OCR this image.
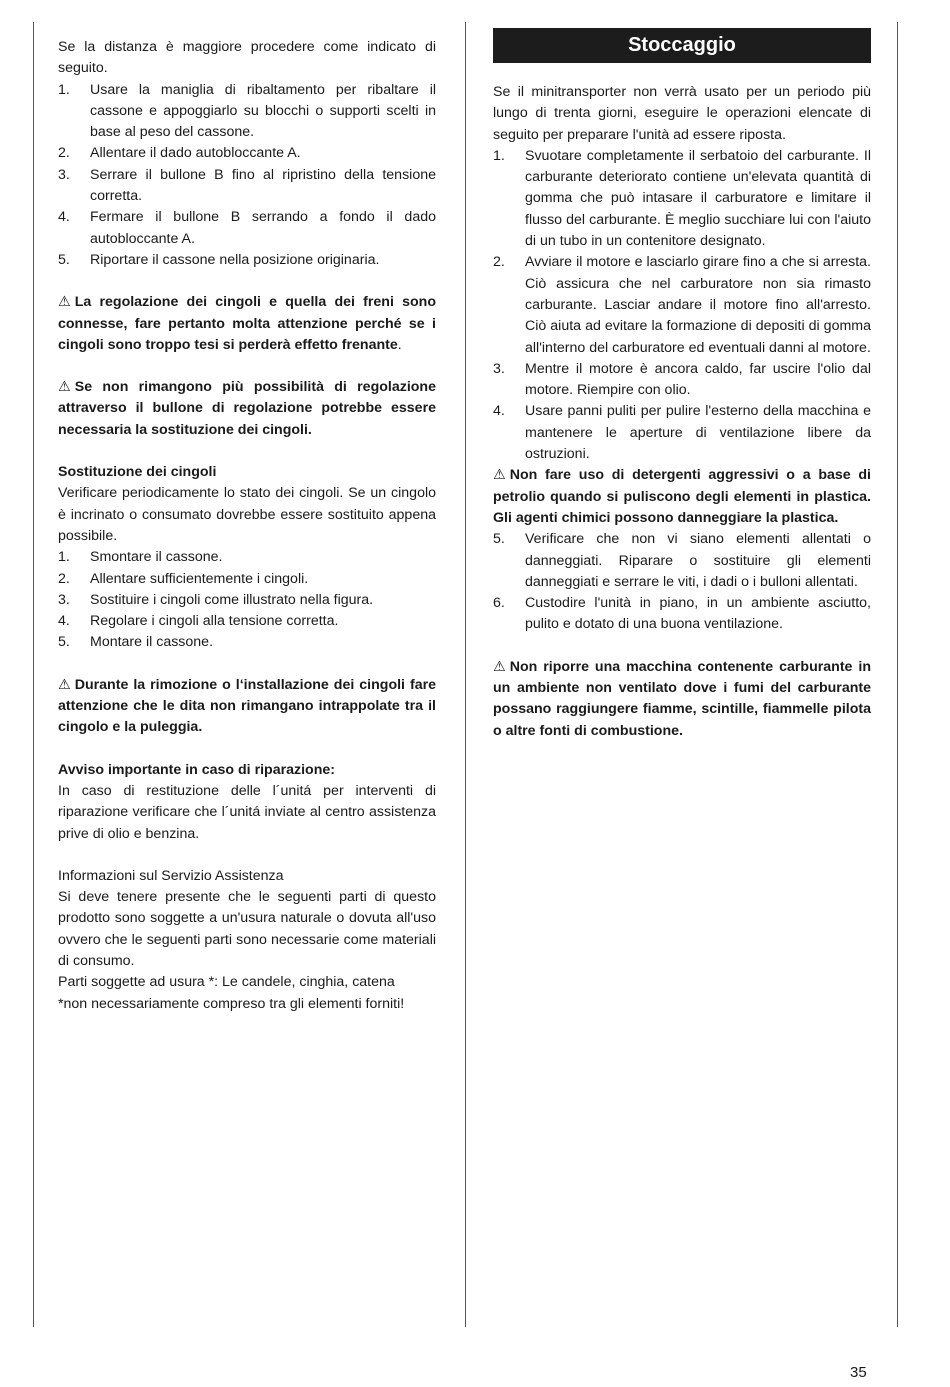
Se la distanza è maggiore procedere come indicato di seguito.

1. Usare la maniglia di ribaltamento per ribaltare il cassone e appoggiarlo su blocchi o supporti scelti in base al peso del cassone.
2. Allentare il dado autobloccante A.
3. Serrare il bullone B fino al ripristino della tensione corretta.
4. Fermare il bullone B serrando a fondo il dado autobloccante A.
5. Riportare il cassone nella posizione originaria.

⚠ La regolazione dei cingoli e quella dei freni sono connesse, fare pertanto molta attenzione perché se i cingoli sono troppo tesi si perderà effetto frenante.

⚠ Se non rimangono più possibilità di regolazione attraverso il bullone di regolazione potrebbe essere necessaria la sostituzione dei cingoli.

Sostituzione dei cingoli

Verificare periodicamente lo stato dei cingoli. Se un cingolo è incrinato o consumato dovrebbe essere sostituito appena possibile.

1. Smontare il cassone.
2. Allentare sufficientemente i cingoli.
3. Sostituire i cingoli come illustrato nella figura.
4. Regolare i cingoli alla tensione corretta.
5. Montare il cassone.

⚠ Durante la rimozione o l‘installazione dei cingoli fare attenzione che le dita non rimangano intrappolate tra il cingolo e la puleggia.

Avviso importante in caso di riparazione:

In caso di restituzione delle l´unitá per interventi di riparazione verificare che l´unitá inviate al centro assistenza prive di olio e benzina.

Informazioni sul Servizio Assistenza

Si deve tenere presente che le seguenti parti di questo prodotto sono soggette a un'usura naturale o dovuta all'uso ovvero che le seguenti parti sono necessarie come materiali di consumo.

Parti soggette ad usura *: Le candele, cinghia, catena

*non necessariamente compreso tra gli elementi forniti!

Stoccaggio

Se il minitransporter non verrà usato per un periodo più lungo di trenta giorni, eseguire le operazioni elencate di seguito per preparare l'unità ad essere riposta.

1. Svuotare completamente il serbatoio del carburante. Il carburante deteriorato contiene un'elevata quantità di gomma che può intasare il carburatore e limitare il flusso del carburante. È meglio succhiare lui con l'aiuto di un tubo in un contenitore designato.
2. Avviare il motore e lasciarlo girare fino a che si arresta. Ciò assicura che nel carburatore non sia rimasto carburante. Lasciar andare il motore fino all'arresto. Ciò aiuta ad evitare la formazione di depositi di gomma all'interno del carburatore ed eventuali danni al motore.
3. Mentre il motore è ancora caldo, far uscire l'olio dal motore. Riempire con olio.
4. Usare panni puliti per pulire l'esterno della macchina e mantenere le aperture di ventilazione libere da ostruzioni.

⚠ Non fare uso di detergenti aggressivi o a base di petrolio quando si puliscono degli elementi in plastica. Gli agenti chimici possono danneggiare la plastica.

5. Verificare che non vi siano elementi allentati o danneggiati. Riparare o sostituire gli elementi danneggiati e serrare le viti, i dadi o i bulloni allentati.
6. Custodire l'unità in piano, in un ambiente asciutto, pulito e dotato di una buona ventilazione.

⚠ Non riporre una macchina contenente carburante in un ambiente non ventilato dove i fumi del carburante possano raggiungere fiamme, scintille, fiammelle pilota o altre fonti di combustione.

35
